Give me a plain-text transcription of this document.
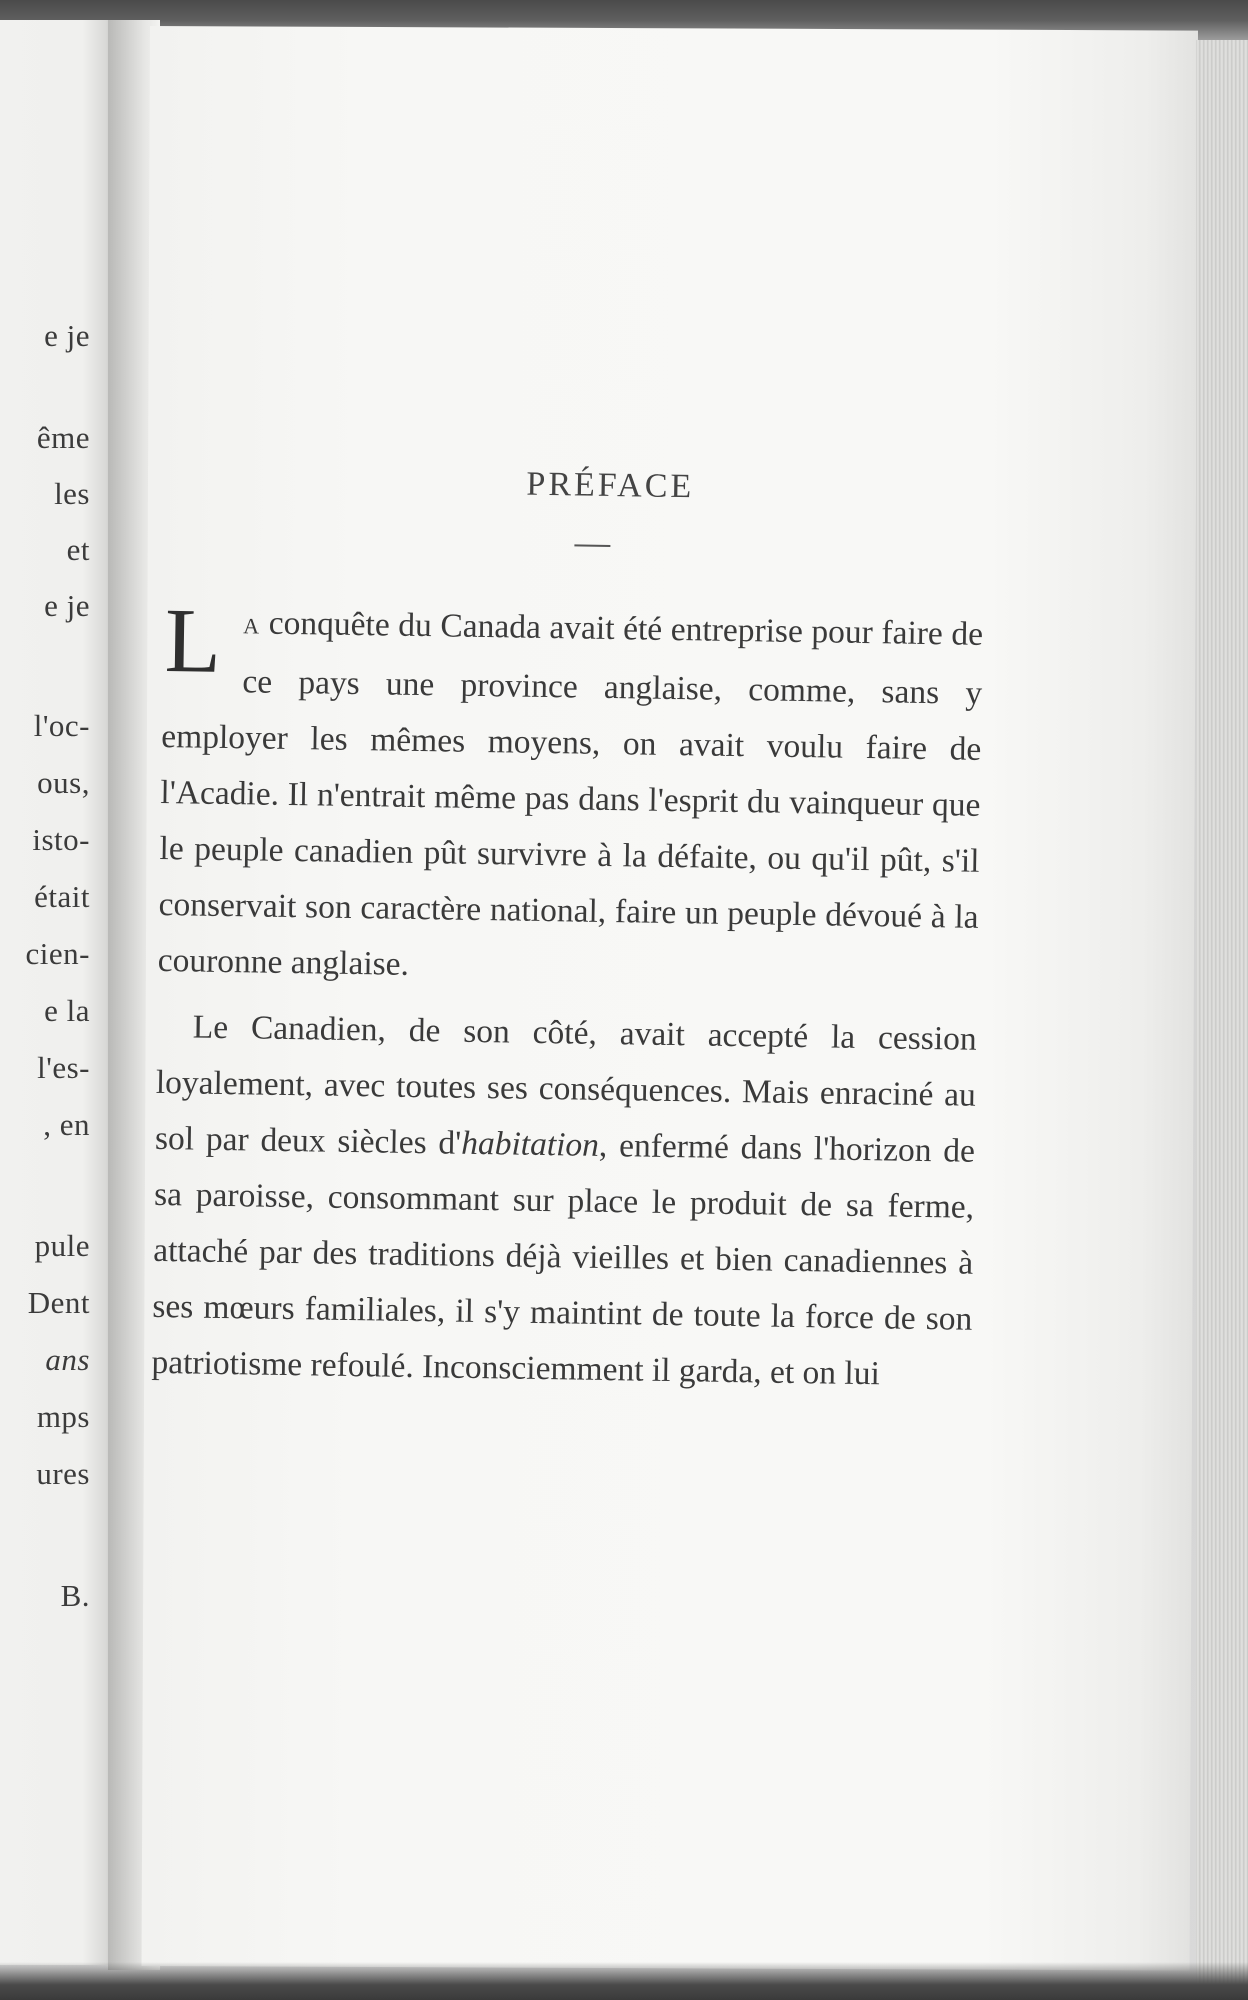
e je
ême
les
et
e je
l'oc-
ous,
isto-
était
cien-
e la
l'es-
, en
pule
Dent
ans
mps
ures
B.
PRÉFACE
L A conquête du Canada avait été entreprise pour faire de ce pays une province anglaise, comme, sans y employer les mêmes moyens, on avait voulu faire de l'Acadie. Il n'entrait même pas dans l'esprit du vainqueur que le peuple canadien pût survivre à la défaite, ou qu'il pût, s'il conservait son caractère national, faire un peuple dévoué à la couronne anglaise.
Le Canadien, de son côté, avait accepté la cession loyalement, avec toutes ses conséquences. Mais enraciné au sol par deux siècles d'habitation, enfermé dans l'horizon de sa paroisse, consommant sur place le produit de sa ferme, attaché par des traditions déjà vieilles et bien canadiennes à ses mœurs familiales, il s'y maintint de toute la force de son patriotisme refoulé. Inconsciemment il garda, et on lui
